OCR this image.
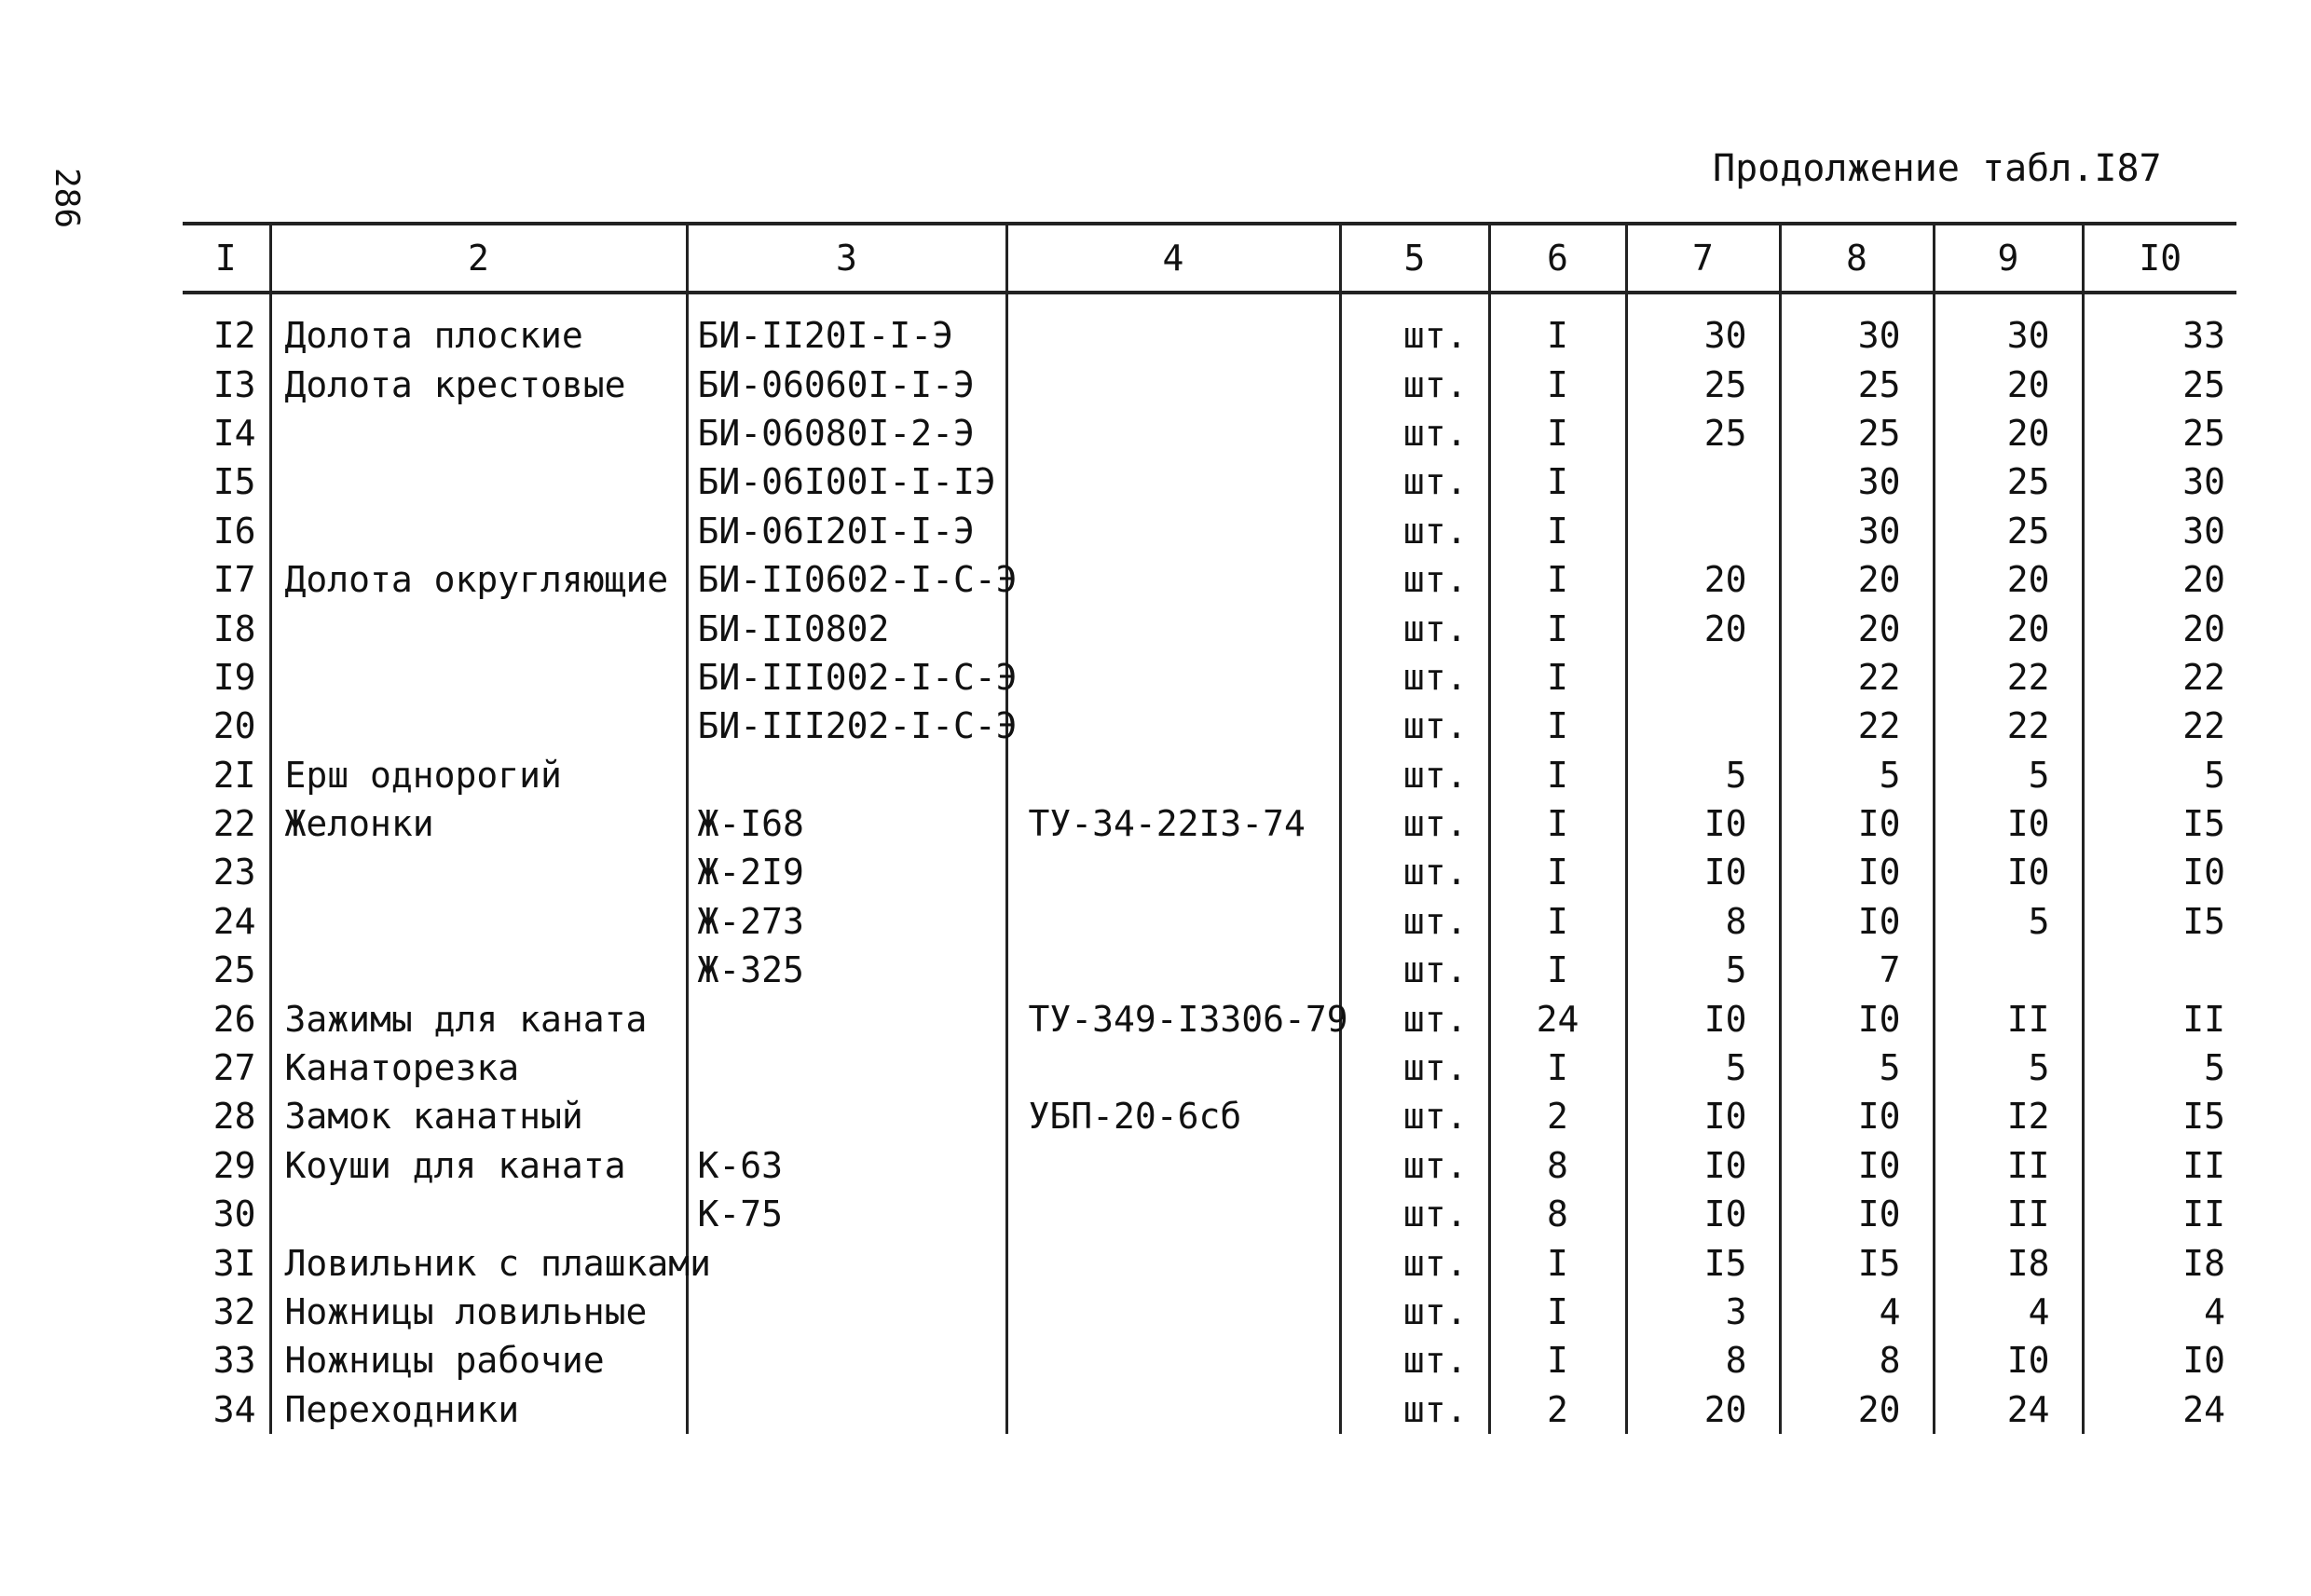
286	Продолжение табл.I87
I	2	3	4	5	6	7	8	9	I0
I2	Долота плоские	БИ-II20I-I-Э		шт.	I	30	30	30	33
I3	Долота крестовые	БИ-06060I-I-Э		шт.	I	25	25	20	25
I4		БИ-06080I-2-Э		шт.	I	25	25	20	25
I5		БИ-06I00I-I-IЭ		шт.	I		30	25	30
I6		БИ-06I20I-I-Э		шт.	I		30	25	30
I7	Долота округляющие	БИ-II0602-I-С-Э		шт.	I	20	20	20	20
I8		БИ-II0802		шт.	I	20	20	20	20
I9		БИ-III002-I-С-Э		шт.	I		22	22	22
20		БИ-III202-I-С-Э		шт.	I		22	22	22
2I	Ерш однорогий			шт.	I	5	5	5	5
22	Желонки	Ж-I68	ТУ-34-22I3-74	шт.	I	I0	I0	I0	I5
23		Ж-2I9		шт.	I	I0	I0	I0	I0
24		Ж-273		шт.	I	8	I0	5	I5
25		Ж-325		шт.	I	5	7		
26	Зажимы для каната		ТУ-349-I3306-79	шт.	24	I0	I0	II	II
27	Канаторезка			шт.	I	5	5	5	5
28	Замок канатный		УБП-20-6сб	шт.	2	I0	I0	I2	I5
29	Коуши для каната	К-63		шт.	8	I0	I0	II	II
30		К-75		шт.	8	I0	I0	II	II
3I	Ловильник с плашками			шт.	I	I5	I5	I8	I8
32	Ножницы ловильные			шт.	I	3	4	4	4
33	Ножницы рабочие			шт.	I	8	8	I0	I0
34	Переходники			шт.	2	20	20	24	24
